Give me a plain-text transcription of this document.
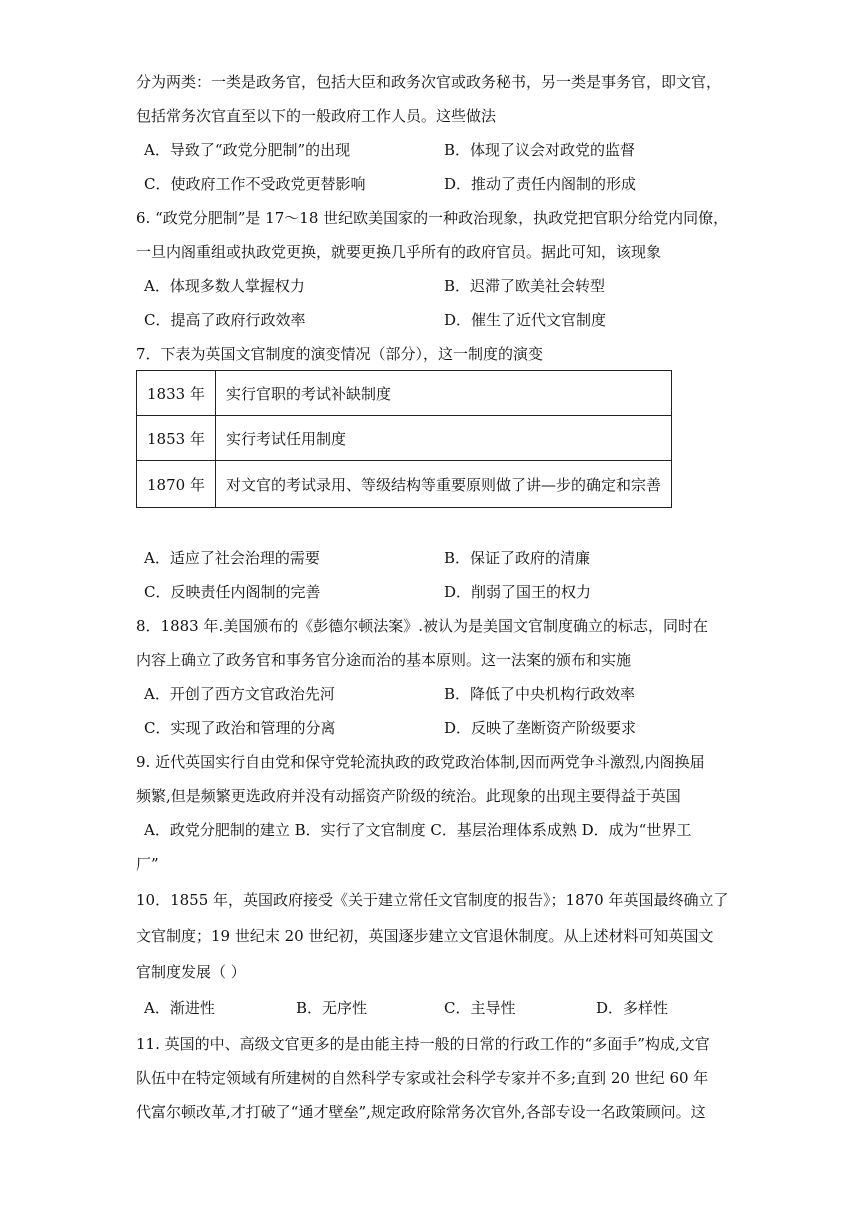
分为两类：一类是政务官，包括大臣和政务次官或政务秘书，另一类是事务官，即文官，
包括常务次官直至以下的一般政府工作人员。这些做法
A．导致了“政党分肥制”的出现	B．体现了议会对政党的监督
C．使政府工作不受政党更替影响	D．推动了责任内阁制的形成
6. “政党分肥制”是 17～18 世纪欧美国家的一种政治现象，执政党把官职分给党内同僚，
一旦内阁重组或执政党更换，就要更换几乎所有的政府官员。据此可知，该现象
A．体现多数人掌握权力	B．迟滞了欧美社会转型
C．提高了政府行政效率	D．催生了近代文官制度
7．下表为英国文官制度的演变情况（部分），这一制度的演变
1833 年	实行官职的考试补缺制度
1853 年	实行考试任用制度
1870 年	对文官的考试录用、等级结构等重要原则做了讲—步的确定和宗善
A．适应了社会治理的需要	B．保证了政府的清廉
C．反映责任内阁制的完善	D．削弱了国王的权力
8．1883 年.美国颁布的《彭德尔顿法案》.被认为是美国文官制度确立的标志，同时在
内容上确立了政务官和事务官分途而治的基本原则。这一法案的颁布和实施
A．开创了西方文官政治先河	B．降低了中央机构行政效率
C．实现了政治和管理的分离	D．反映了垄断资产阶级要求
9. 近代英国实行自由党和保守党轮流执政的政党政治体制,因而两党争斗激烈,内阁换届
频繁,但是频繁更选政府并没有动摇资产阶级的统治。此现象的出现主要得益于英国
A．政党分肥制的建立 B．实行了文官制度 C．基层治理体系成熟 D．成为“世界工
厂”
10．1855 年，英国政府接受《关于建立常任文官制度的报告》；1870 年英国最终确立了
文官制度；19 世纪末 20 世纪初，英国逐步建立文官退休制度。从上述材料可知英国文
官制度发展（ ）
A．渐进性	B．无序性	C．主导性	D．多样性
11. 英国的中、高级文官更多的是由能主持一般的日常的行政工作的“多面手”构成,文官
队伍中在特定领域有所建树的自然科学专家或社会科学专家并不多;直到 20 世纪 60 年
代富尔顿改革,才打破了“通才壁垒”,规定政府除常务次官外,各部专设一名政策顾问。这
